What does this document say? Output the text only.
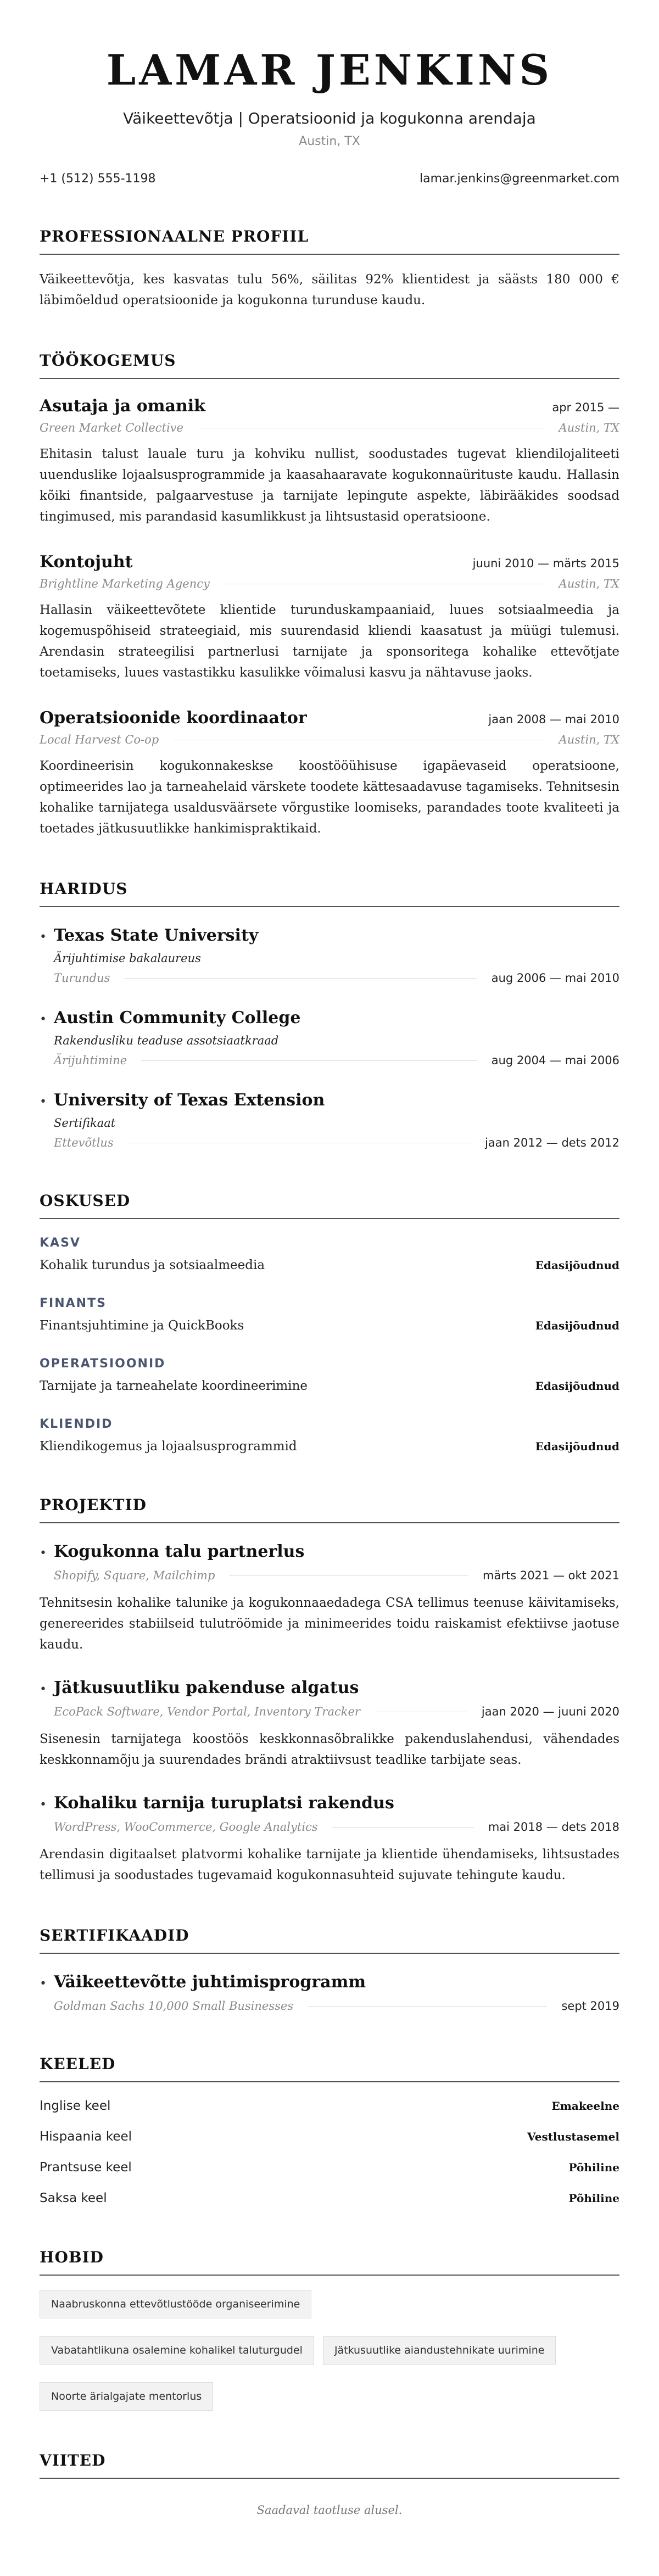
LAMAR JENKINS
Väikeettevõtja | Operatsioonid ja kogukonna arendaja
Austin, TX
+1 (512) 555-1198	lamar.jenkins@greenmarket.com
PROFESSIONAALNE PROFIIL
Väikeettevõtja, kes kasvatas tulu 56%, säilitas 92% klientidest ja säästs 180 000 € läbimõeldud operatsioonide ja kogukonna turunduse kaudu.
TÖÖKOGEMUS
Asutaja ja omanik	apr 2015 —
Green Market Collective	Austin, TX
Ehitasin talust lauale turu ja kohviku nullist, soodustades tugevat kliendilojaliteeti uuenduslike lojaalsusprogrammide ja kaasahaaravate kogukonnaürituste kaudu. Hallasin kõiki finantside, palgaarvestuse ja tarnijate lepingute aspekte, läbirääkides soodsad tingimused, mis parandasid kasumlikkust ja lihtsustasid operatsioone.
Kontojuht	juuni 2010 — märts 2015
Brightline Marketing Agency	Austin, TX
Hallasin väikeettevõtete klientide turunduskampaaniaid, luues sotsiaalmeedia ja kogemuspõhiseid strateegiaid, mis suurendasid kliendi kaasatust ja müügi tulemusi. Arendasin strateegilisi partnerlusi tarnijate ja sponsoritega kohalike ettevõtjate toetamiseks, luues vastastikku kasulikke võimalusi kasvu ja nähtavuse jaoks.
Operatsioonide koordinaator	jaan 2008 — mai 2010
Local Harvest Co-op	Austin, TX
Koordineerisin kogukonnakeskse koostööühisuse igapäevaseid operatsioone, optimeerides lao ja tarneahelaid värskete toodete kättesaadavuse tagamiseks. Tehnitsesin kohalike tarnijatega usaldusväärsete võrgustike loomiseks, parandades toote kvaliteeti ja toetades jätkusuutlikke hankimispraktikaid.
HARIDUS
• Texas State University
Ärijuhtimise bakalaureus
Turundus	aug 2006 — mai 2010
• Austin Community College
Rakendusliku teaduse assotsiaatkraad
Ärijuhtimine	aug 2004 — mai 2006
• University of Texas Extension
Sertifikaat
Ettevõtlus	jaan 2012 — dets 2012
OSKUSED
KASV
Kohalik turundus ja sotsiaalmeedia	Edasijõudnud
FINANTS
Finantsjuhtimine ja QuickBooks	Edasijõudnud
OPERATSIOONID
Tarnijate ja tarneahelate koordineerimine	Edasijõudnud
KLIENDID
Kliendikogemus ja lojaalsusprogrammid	Edasijõudnud
PROJEKTID
• Kogukonna talu partnerlus
Shopify, Square, Mailchimp	märts 2021 — okt 2021
Tehnitsesin kohalike talunike ja kogukonnaaedadega CSA tellimus teenuse käivitamiseks, genereerides stabiilseid tulutröömide ja minimeerides toidu raiskamist efektiivse jaotuse kaudu.
• Jätkusuutliku pakenduse algatus
EcoPack Software, Vendor Portal, Inventory Tracker	jaan 2020 — juuni 2020
Sisenesin tarnijatega koostöös keskkonnasõbralikke pakenduslahendusi, vähendades keskkonnamõju ja suurendades brändi atraktiivsust teadlike tarbijate seas.
• Kohaliku tarnija turuplatsi rakendus
WordPress, WooCommerce, Google Analytics	mai 2018 — dets 2018
Arendasin digitaalset platvormi kohalike tarnijate ja klientide ühendamiseks, lihtsustades tellimusi ja soodustades tugevamaid kogukonnasuhteid sujuvate tehingute kaudu.
SERTIFIKAADID
• Väikeettevõtte juhtimisprogramm
Goldman Sachs 10,000 Small Businesses	sept 2019
KEELED
Inglise keel	Emakeelne
Hispaania keel	Vestlustasemel
Prantsuse keel	Põhiline
Saksa keel	Põhiline
HOBID
Naabruskonna ettevõtlustööde organiseerimine
Vabatahtlikuna osalemine kohalikel taluturgudel	Jätkusuutlike aiandustehnikate uurimine
Noorte ärialgajate mentorlus
VIITED
Saadaval taotluse alusel.
